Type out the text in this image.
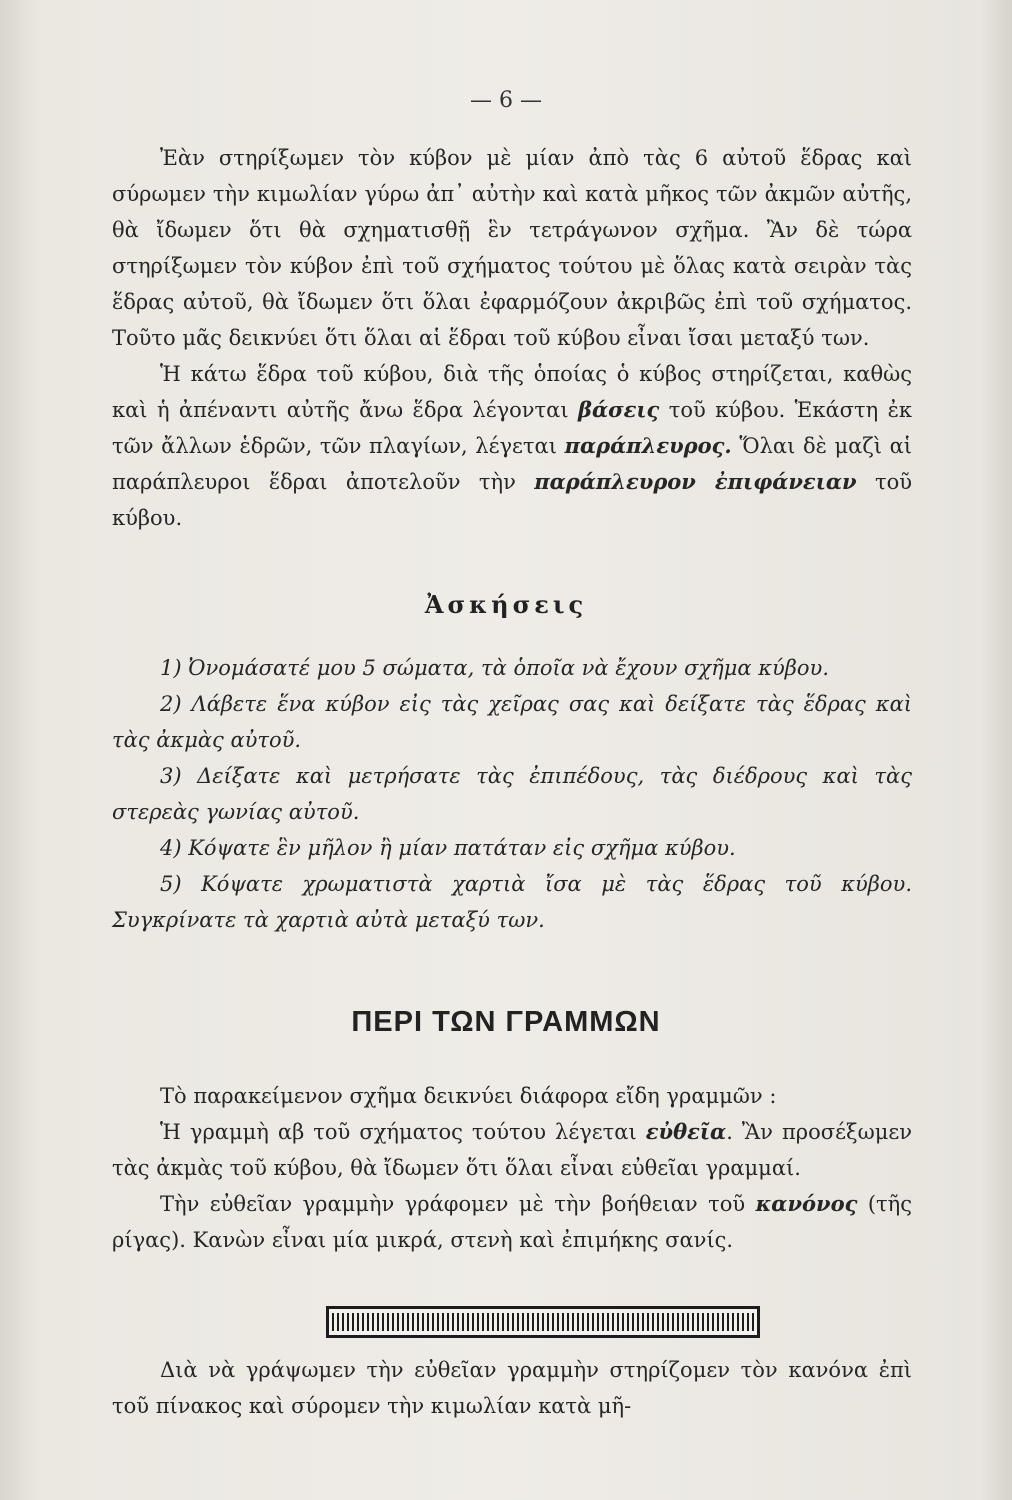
— 6 —

Ἐὰν στηρίξωμεν τὸν κύβον μὲ μίαν ἀπὸ τὰς 6 αὐτοῦ ἕδρας καὶ σύρωμεν τὴν κιμωλίαν γύρω ἀπ᾽ αὐτὴν καὶ κατὰ μῆκος τῶν ἀκμῶν αὐτῆς, θὰ ἴδωμεν ὅτι θὰ σχηματισθῇ ἓν τετράγωνον σχῆμα. Ἂν δὲ τώρα στηρίξωμεν τὸν κύβον ἐπὶ τοῦ σχήματος τούτου μὲ ὅλας κατὰ σειρὰν τὰς ἕδρας αὐτοῦ, θὰ ἴδωμεν ὅτι ὅλαι ἐφαρμόζουν ἀκριβῶς ἐπὶ τοῦ σχήματος. Τοῦτο μᾶς δεικνύει ὅτι ὅλαι αἱ ἕδραι τοῦ κύβου εἶναι ἴσαι μεταξύ των.

Ἡ κάτω ἕδρα τοῦ κύβου, διὰ τῆς ὁποίας ὁ κύβος στηρίζεται, καθὼς καὶ ἡ ἀπέναντι αὐτῆς ἄνω ἕδρα λέγονται βάσεις τοῦ κύβου. Ἑκάστη ἐκ τῶν ἄλλων ἑδρῶν, τῶν πλαγίων, λέγεται παράπλευρος. Ὅλαι δὲ μαζὶ αἱ παράπλευροι ἕδραι ἀποτελοῦν τὴν παράπλευρον ἐπιφάνειαν τοῦ κύβου.

Ἀσκήσεις

1) Ὀνομάσατέ μου 5 σώματα, τὰ ὁποῖα νὰ ἔχουν σχῆμα κύβου.

2) Λάβετε ἕνα κύβον εἰς τὰς χεῖρας σας καὶ δείξατε τὰς ἕδρας καὶ τὰς ἀκμὰς αὐτοῦ.

3) Δείξατε καὶ μετρήσατε τὰς ἐπιπέδους, τὰς διέδρους καὶ τὰς στερεὰς γωνίας αὐτοῦ.

4) Κόψατε ἓν μῆλον ἢ μίαν πατάταν εἰς σχῆμα κύβου.

5) Κόψατε χρωματιστὰ χαρτιὰ ἴσα μὲ τὰς ἕδρας τοῦ κύβου. Συγκρίνατε τὰ χαρτιὰ αὐτὰ μεταξύ των.

ΠΕΡΙ ΤΩΝ ΓΡΑΜΜΩΝ

Τὸ παρακείμενον σχῆμα δεικνύει διάφορα εἴδη γραμμῶν :

Ἡ γραμμὴ αβ τοῦ σχήματος τούτου λέγεται εὐθεῖα. Ἂν προσέξωμεν τὰς ἀκμὰς τοῦ κύβου, θὰ ἴδωμεν ὅτι ὅλαι εἶναι εὐθεῖαι γραμμαί.

Τὴν εὐθεῖαν γραμμὴν γράφομεν μὲ τὴν βοήθειαν τοῦ κανόνος (τῆς ρίγας). Κανὼν εἶναι μία μικρά, στενὴ καὶ ἐπιμήκης σανίς.

Διὰ νὰ γράψωμεν τὴν εὐθεῖαν γραμμὴν στηρίζομεν τὸν κανόνα ἐπὶ τοῦ πίνακος καὶ σύρομεν τὴν κιμωλίαν κατὰ μῆ-
